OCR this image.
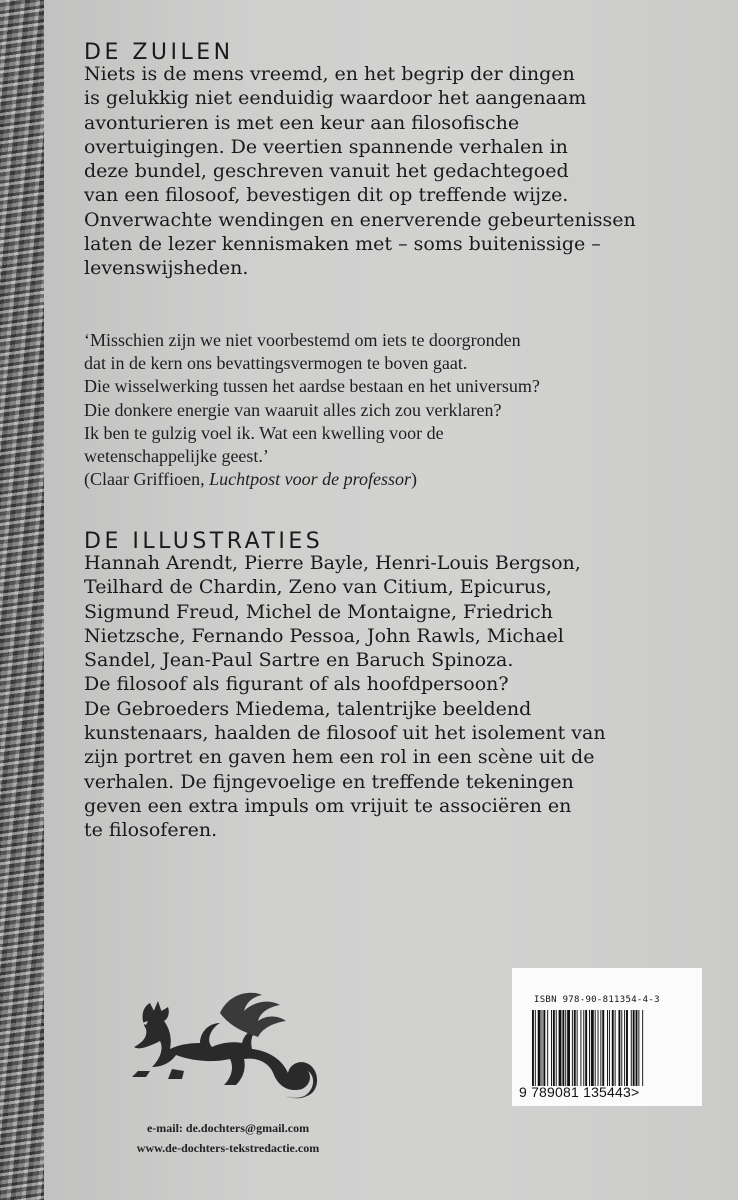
DE ZUILEN

Niets is de mens vreemd, en het begrip der dingen
is gelukkig niet eenduidig waardoor het aangenaam
avonturieren is met een keur aan filosofische
overtuigingen. De veertien spannende verhalen in
deze bundel, geschreven vanuit het gedachtegoed
van een filosoof, bevestigen dit op treffende wijze.
Onverwachte wendingen en enerverende gebeurtenissen
laten de lezer kennismaken met – soms buitenissige –
levenswijsheden.

‘Misschien zijn we niet voorbestemd om iets te doorgronden
dat in de kern ons bevattingsvermogen te boven gaat.
Die wisselwerking tussen het aardse bestaan en het universum?
Die donkere energie van waaruit alles zich zou verklaren?
Ik ben te gulzig voel ik. Wat een kwelling voor de
wetenschappelijke geest.’
(Claar Griffioen, Luchtpost voor de professor)

DE ILLUSTRATIES

Hannah Arendt, Pierre Bayle, Henri-Louis Bergson,
Teilhard de Chardin, Zeno van Citium, Epicurus,
Sigmund Freud, Michel de Montaigne, Friedrich
Nietzsche, Fernando Pessoa, John Rawls, Michael
Sandel, Jean-Paul Sartre en Baruch Spinoza.
De filosoof als figurant of als hoofdpersoon?
De Gebroeders Miedema, talentrijke beeldend
kunstenaars, haalden de filosoof uit het isolement van
zijn portret en gaven hem een rol in een scène uit de
verhalen. De fijngevoelige en treffende tekeningen
geven een extra impuls om vrijuit te associëren en
te filosoferen.

e-mail: de.dochters@gmail.com
www.de-dochters-tekstredactie.com
ISBN 978-90-811354-4-3
9 789081 135443>
